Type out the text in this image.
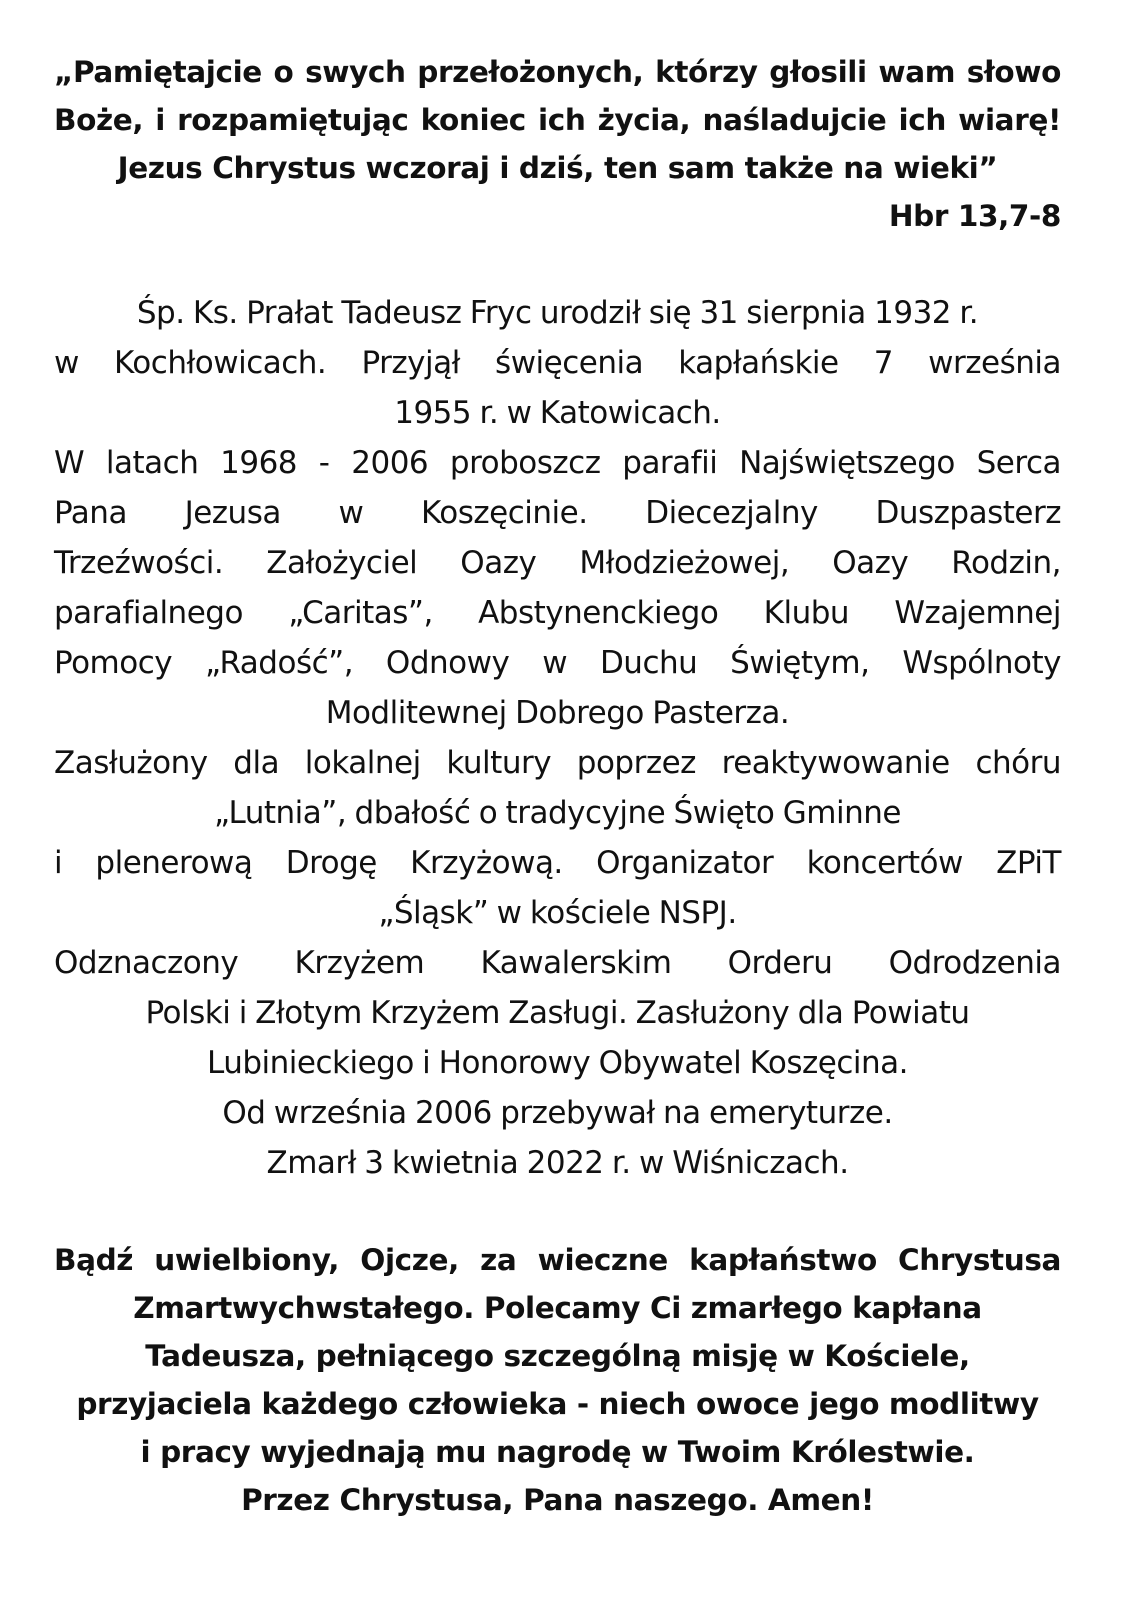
„Pamiętajcie o swych przełożonych, którzy głosili wam słowo
Boże, i rozpamiętując koniec ich życia, naśladujcie ich wiarę!
Jezus Chrystus wczoraj i dziś, ten sam także na wieki”
Hbr 13,7-8
Śp. Ks. Prałat Tadeusz Fryc urodził się 31 sierpnia 1932 r.
w Kochłowicach. Przyjął święcenia kapłańskie 7 września
1955 r. w Katowicach.
W latach 1968 - 2006 proboszcz parafii Najświętszego Serca
Pana Jezusa w Koszęcinie. Diecezjalny Duszpasterz
Trzeźwości. Założyciel Oazy Młodzieżowej, Oazy Rodzin,
parafialnego „Caritas”, Abstynenckiego Klubu Wzajemnej
Pomocy „Radość”, Odnowy w Duchu Świętym, Wspólnoty
Modlitewnej Dobrego Pasterza.
Zasłużony dla lokalnej kultury poprzez reaktywowanie chóru
„Lutnia”, dbałość o tradycyjne Święto Gminne
i plenerową Drogę Krzyżową. Organizator koncertów ZPiT
„Śląsk” w kościele NSPJ.
Odznaczony Krzyżem Kawalerskim Orderu Odrodzenia
Polski i Złotym Krzyżem Zasługi. Zasłużony dla Powiatu
Lubinieckiego i Honorowy Obywatel Koszęcina.
Od września 2006 przebywał na emeryturze.
Zmarł 3 kwietnia 2022 r. w Wiśniczach.
Bądź uwielbiony, Ojcze, za wieczne kapłaństwo Chrystusa
Zmartwychwstałego. Polecamy Ci zmarłego kapłana
Tadeusza, pełniącego szczególną misję w Kościele,
przyjaciela każdego człowieka - niech owoce jego modlitwy
i pracy wyjednają mu nagrodę w Twoim Królestwie.
Przez Chrystusa, Pana naszego. Amen!
